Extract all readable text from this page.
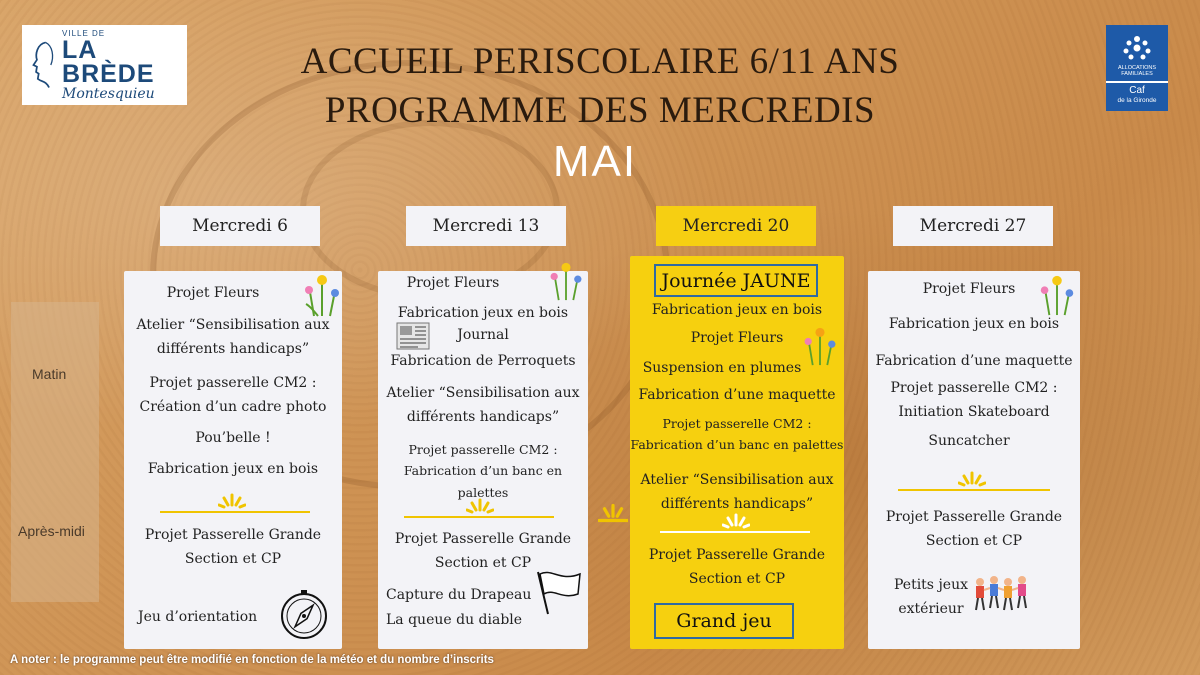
VILLE DE
LA BRÈDE
Montesquieu
ALLOCATIONS FAMILIALES
Caf
de la Gironde
ACCUEIL PERISCOLAIRE 6/11 ANS
PROGRAMME DES MERCREDIS
MAI
Mercredi 6	Mercredi 13	Mercredi 20	Mercredi 27
Matin
Après-midi
Projet Fleurs
Atelier “Sensibilisation aux
différents handicaps”
Projet passerelle CM2 :
Création d’un cadre photo
Pou’belle !
Fabrication jeux en bois
Projet Passerelle Grande
Section et CP
Jeu d’orientation
Projet Fleurs
Fabrication jeux en bois
Journal
Fabrication de Perroquets
Atelier “Sensibilisation aux
différents handicaps”
Projet passerelle CM2 :
Fabrication d’un banc en palettes
Projet Passerelle Grande
Section et CP
Capture du Drapeau
La queue du diable
Journée JAUNE
Fabrication jeux en bois
Projet Fleurs
Suspension en plumes
Fabrication d’une maquette
Projet passerelle CM2 :
Fabrication d’un banc en palettes
Atelier “Sensibilisation aux
différents handicaps”
Projet Passerelle Grande
Section et CP
Grand jeu
Projet Fleurs
Fabrication jeux en bois
Fabrication d’une maquette
Projet passerelle CM2 :
Initiation Skateboard
Suncatcher
Projet Passerelle Grande
Section et CP
Petits jeux
extérieur
A noter : le programme peut être modifié en fonction de la météo et du nombre d’inscrits
